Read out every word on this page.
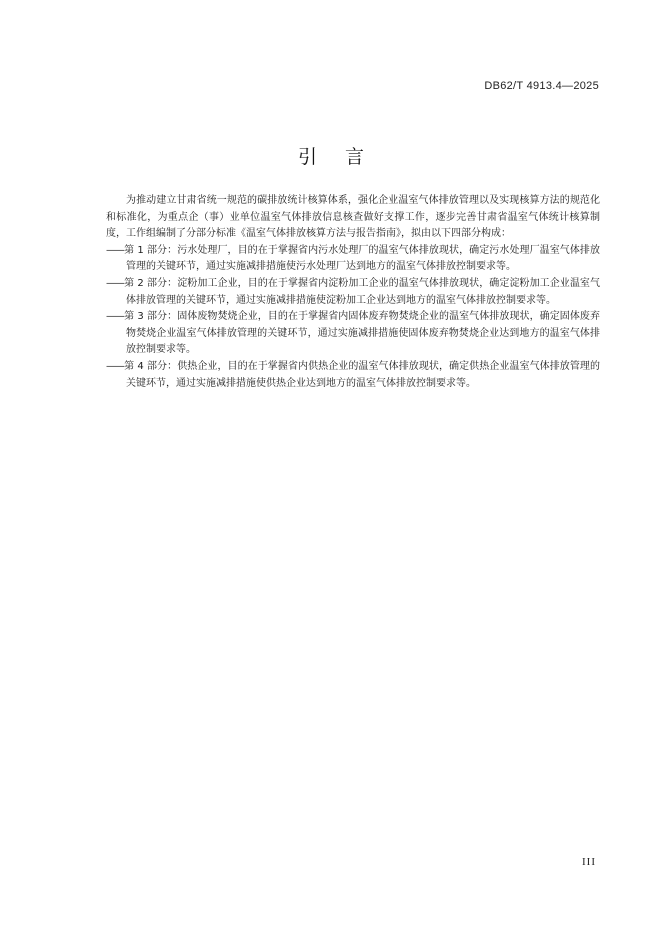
DB62/T 4913.4—2025
引言

为推动建立甘肃省统一规范的碳排放统计核算体系，强化企业温室气体排放管理以及实现核算方法的规范化和标准化，为重点企（事）业单位温室气体排放信息核查做好支撑工作，逐步完善甘肃省温室气体统计核算制度，工作组编制了分部分标准《温室气体排放核算方法与报告指南》，拟由以下四部分构成：

——第 1 部分：污水处理厂，目的在于掌握省内污水处理厂的温室气体排放现状，确定污水处理厂温室气体排放管理的关键环节，通过实施减排措施使污水处理厂达到地方的温室气体排放控制要求等。

——第 2 部分：淀粉加工企业，目的在于掌握省内淀粉加工企业的温室气体排放现状，确定淀粉加工企业温室气体排放管理的关键环节，通过实施减排措施使淀粉加工企业达到地方的温室气体排放控制要求等。

——第 3 部分：固体废物焚烧企业，目的在于掌握省内固体废弃物焚烧企业的温室气体排放现状，确定固体废弃物焚烧企业温室气体排放管理的关键环节，通过实施减排措施使固体废弃物焚烧企业达到地方的温室气体排放控制要求等。

——第 4 部分：供热企业，目的在于掌握省内供热企业的温室气体排放现状，确定供热企业温室气体排放管理的关键环节，通过实施减排措施使供热企业达到地方的温室气体排放控制要求等。

III
